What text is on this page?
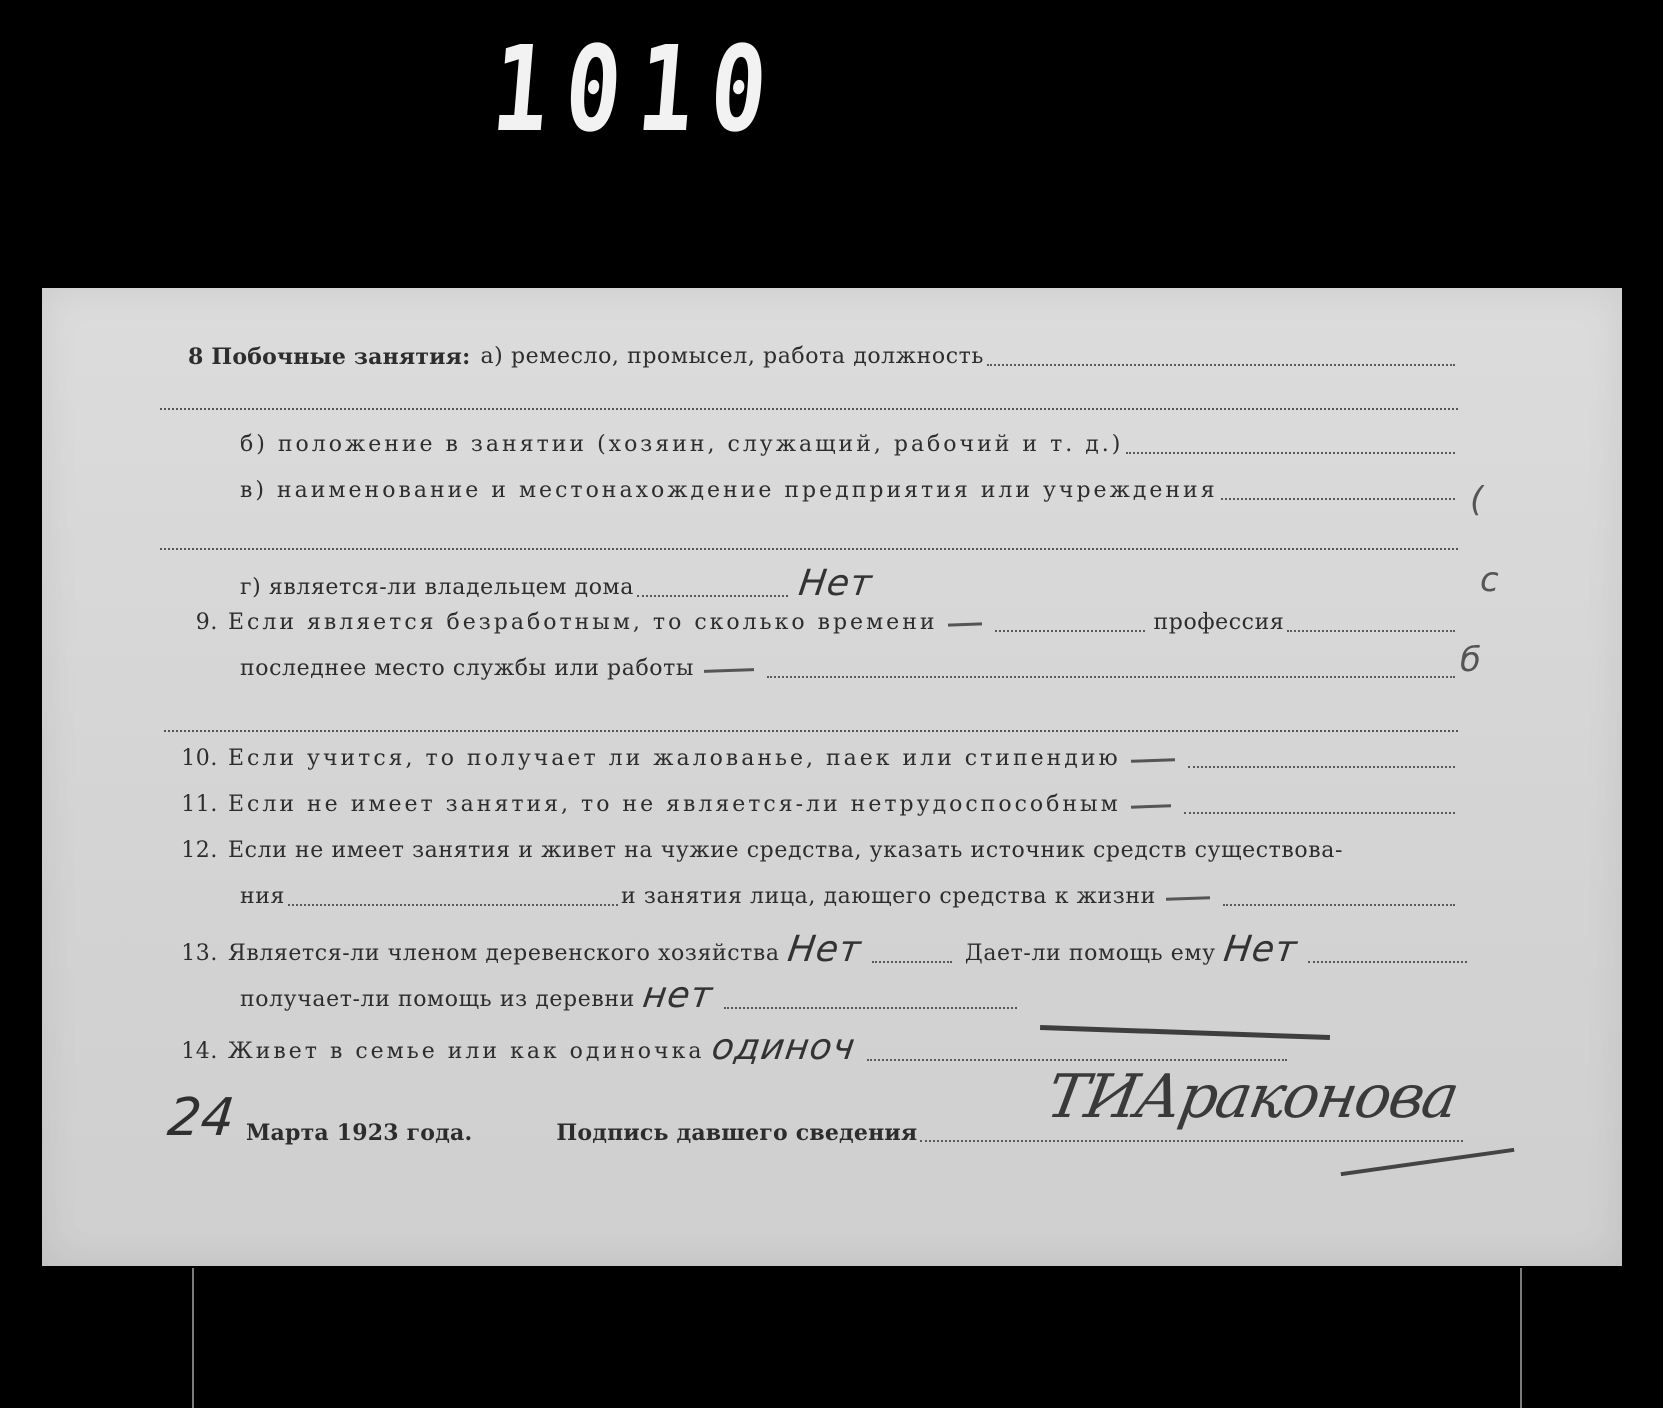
1010
8 Побочные занятия: а) ремесло, промысел, работа должность
б) положение в занятии (хозяин, служащий, рабочий и т. д.)
в) наименование и местонахождение предприятия или учреждения
г) является-ли владельцем дома	Нет
9. Если является безработным, то сколько времени	профессия
последнее место службы или работы
10. Если учится, то получает ли жалованье, паек или стипендию
11. Если не имеет занятия, то не является-ли нетрудоспособным
12. Если не имеет занятия и живет на чужие средства, указать источник средств существова-
ния	и занятия лица, дающего средства к жизни
13. Является-ли членом деревенского хозяйства Нет	Дает-ли помощь ему Нет
получает-ли помощь из деревни нет
14. Живет в семье или как одиночка одиноч
24 Марта 1923 года.	Подпись давшего сведения
ТИАраконова
(
с
б
